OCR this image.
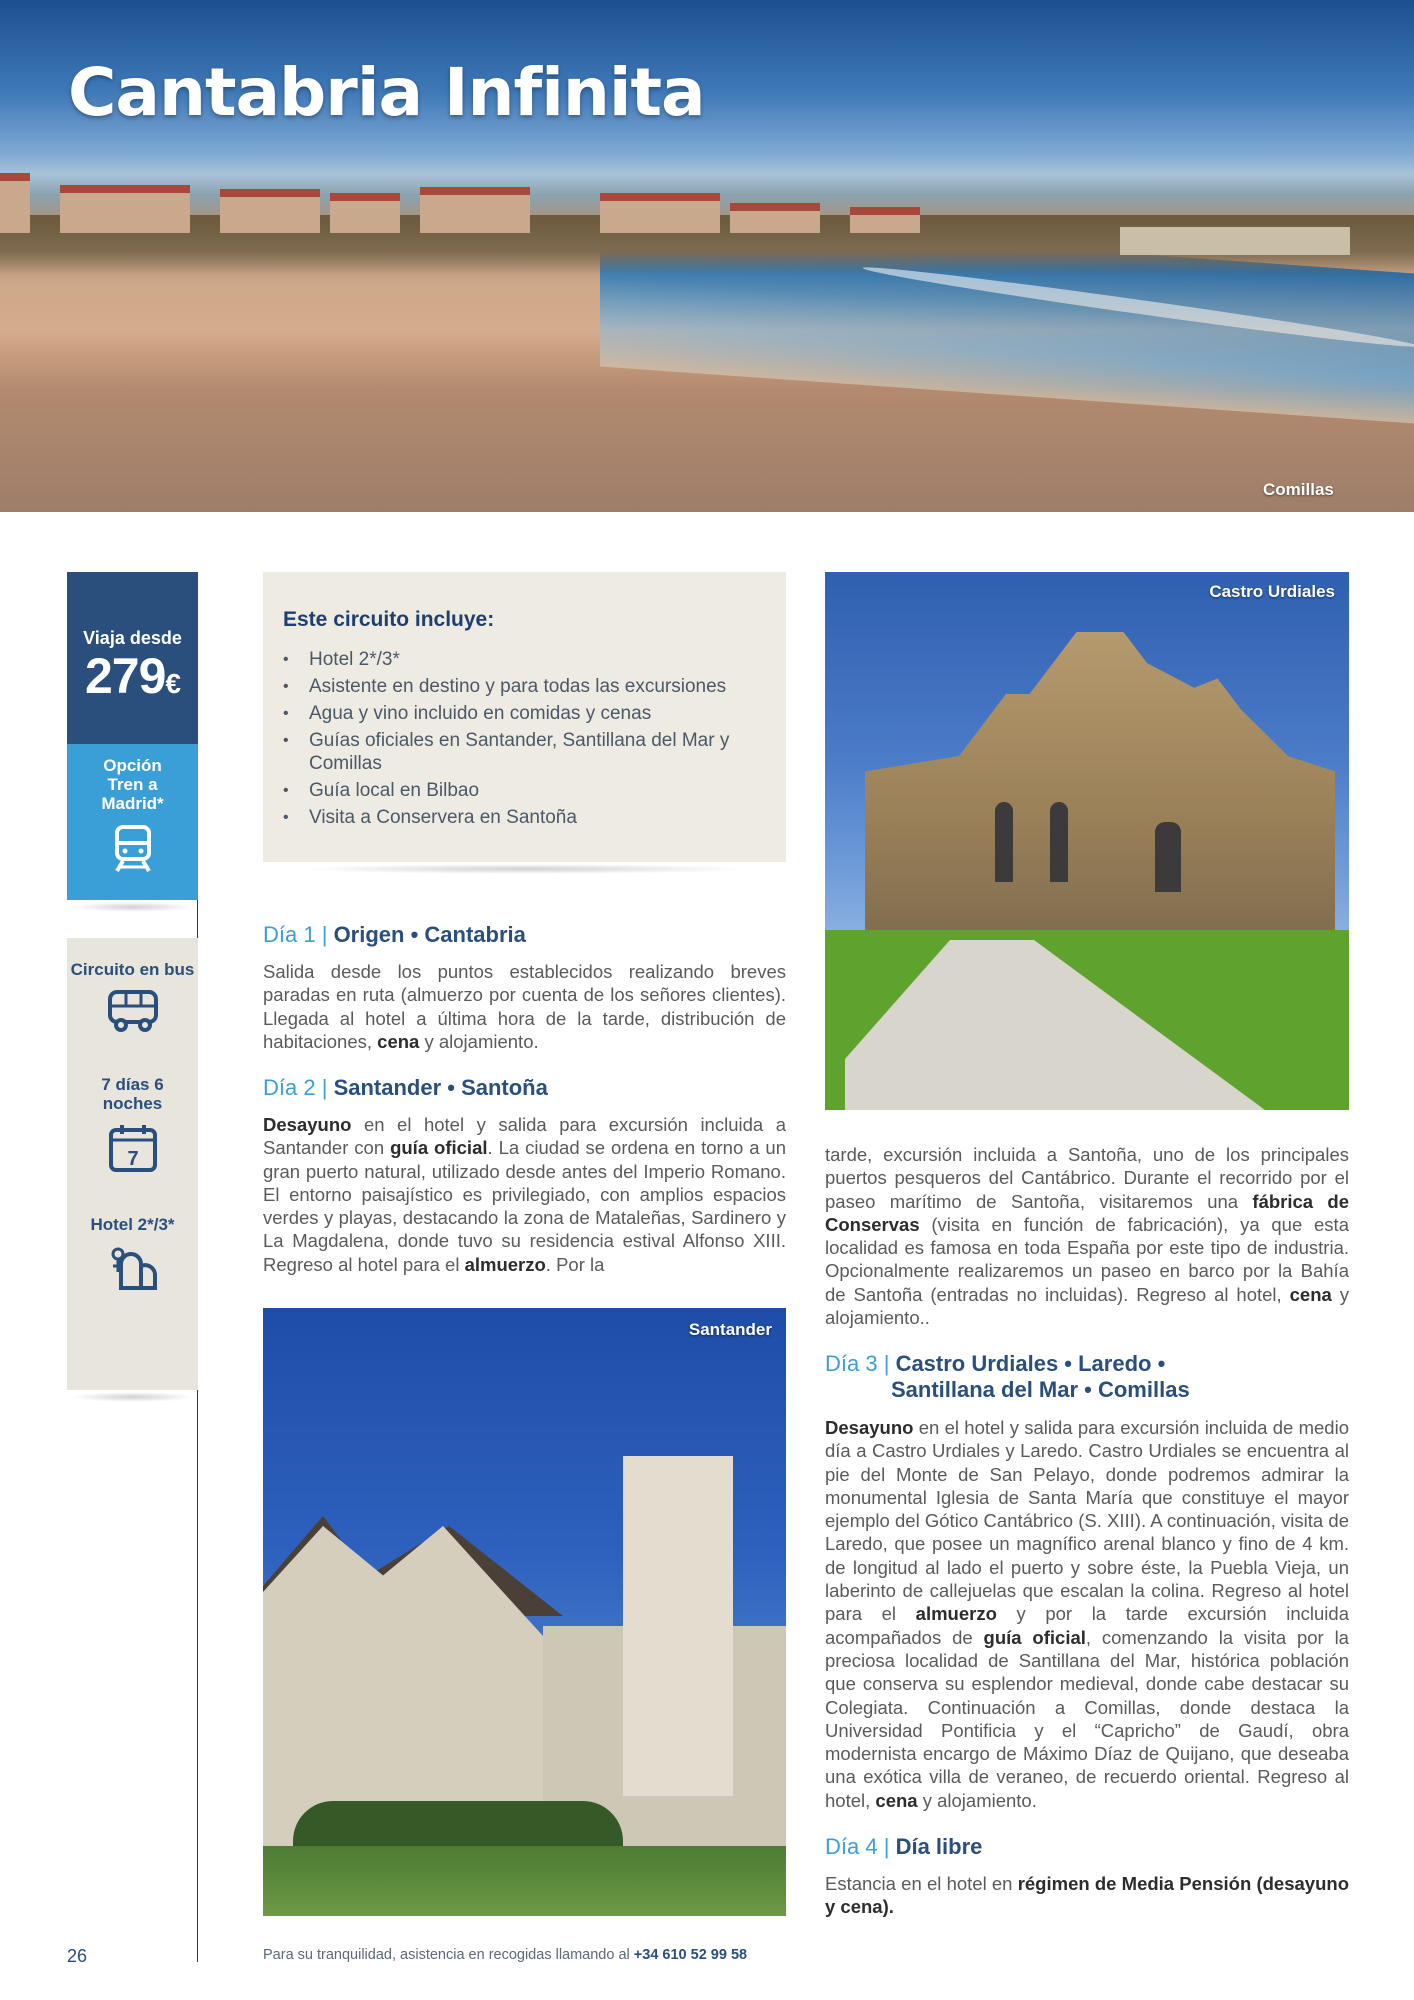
Cantabria Infinita
Comillas
Viaja desde
279€
Opción Tren a Madrid*
Circuito en bus
7 días 6 noches
7
Hotel 2*/3*
Este circuito incluye:
• Hotel 2*/3*
• Asistente en destino y para todas las excursiones
• Agua y vino incluido en comidas y cenas
• Guías oficiales en Santander, Santillana del Mar y Comillas
• Guía local en Bilbao
• Visita a Conservera en Santoña
Día 1 | Origen • Cantabria
Salida desde los puntos establecidos realizando breves paradas en ruta (almuerzo por cuenta de los señores clientes). Llegada al hotel a última hora de la tarde, distribución de habitaciones, cena y alojamiento.
Día 2 | Santander • Santoña
Desayuno en el hotel y salida para excursión incluida a Santander con guía oficial. La ciudad se ordena en torno a un gran puerto natural, utilizado desde antes del Imperio Romano. El entorno paisajístico es privilegiado, con amplios espacios verdes y playas, destacando la zona de Mataleñas, Sardinero y La Magdalena, donde tuvo su residencia estival Alfonso XIII. Regreso al hotel para el almuerzo. Por la
Santander
Castro Urdiales
tarde, excursión incluida a Santoña, uno de los principales puertos pesqueros del Cantábrico. Durante el recorrido por el paseo marítimo de Santoña, visitaremos una fábrica de Conservas (visita en función de fabricación), ya que esta localidad es famosa en toda España por este tipo de industria. Opcionalmente realizaremos un paseo en barco por la Bahía de Santoña (entradas no incluidas). Regreso al hotel, cena y alojamiento..
Día 3 | Castro Urdiales • Laredo •
Santillana del Mar • Comillas
Desayuno en el hotel y salida para excursión incluida de medio día a Castro Urdiales y Laredo. Castro Urdiales se encuentra al pie del Monte de San Pelayo, donde podremos admirar la monumental Iglesia de Santa María que constituye el mayor ejemplo del Gótico Cantábrico (S. XIII). A continuación, visita de Laredo, que posee un magnífico arenal blanco y fino de 4 km. de longitud al lado el puerto y sobre éste, la Puebla Vieja, un laberinto de callejuelas que escalan la colina. Regreso al hotel para el almuerzo y por la tarde excursión incluida acompañados de guía oficial, comenzando la visita por la preciosa localidad de Santillana del Mar, histórica población que conserva su esplendor medieval, donde cabe destacar su Colegiata. Continuación a Comillas, donde destaca la Universidad Pontificia y el “Capricho” de Gaudí, obra modernista encargo de Máximo Díaz de Quijano, que deseaba una exótica villa de veraneo, de recuerdo oriental. Regreso al hotel, cena y alojamiento.
Día 4 | Día libre
Estancia en el hotel en régimen de Media Pensión (desayuno y cena).
26	Para su tranquilidad, asistencia en recogidas llamando al +34 610 52 99 58
